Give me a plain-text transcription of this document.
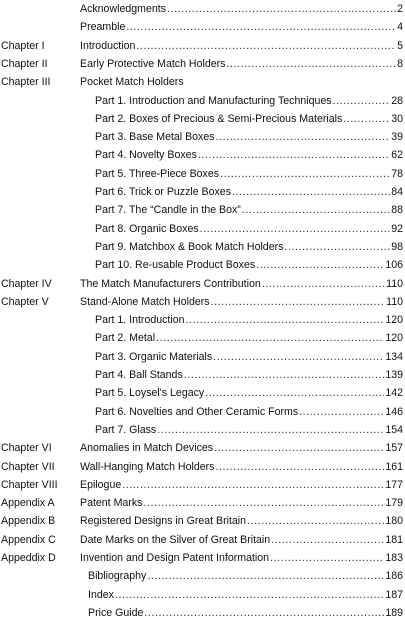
Acknowledgments .....	2
Preamble .....	4
Chapter I	Introduction .....	5
Chapter II	Early Protective Match Holders .....	8
Chapter III	Pocket Match Holders
Part 1. Introduction and Manufacturing Techniques .....	28
Part 2. Boxes of Precious & Semi-Precious Materials .....	30
Part 3. Base Metal Boxes .....	39
Part 4. Novelty Boxes .....	62
Part 5. Three-Piece Boxes .....	78
Part 6. Trick or Puzzle Boxes .....	84
Part 7. The “Candle in the Box” .....	88
Part 8. Organic Boxes .....	92
Part 9. Matchbox & Book Match Holders .....	98
Part 10. Re-usable Product Boxes .....	106
Chapter IV	The Match Manufacturers Contribution .....	110
Chapter V	Stand-Alone Match Holders .....	110
Part 1. Introduction .....	120
Part 2. Metal .....	120
Part 3. Organic Materials .....	134
Part 4. Ball Stands .....	139
Part 5. Loysel's Legacy .....	142
Part 6. Novelties and Other Ceramic Forms .....	146
Part 7. Glass .....	154
Chapter VI	Anomalies in Match Devices .....	157
Chapter VII Wall-Hanging Match Holders .....	161
Chapter VIII Epilogue .....	177
Appendix A Patent Marks .....	179
Appendix B Registered Designs in Great Britain .....	180
Appendix C Date Marks on the Silver of Great Britain .....	181
Appeddix D Invention and Design Patent Information .....	183
Bibliography .....	186
Index .....	187
Price Guide .....	189
